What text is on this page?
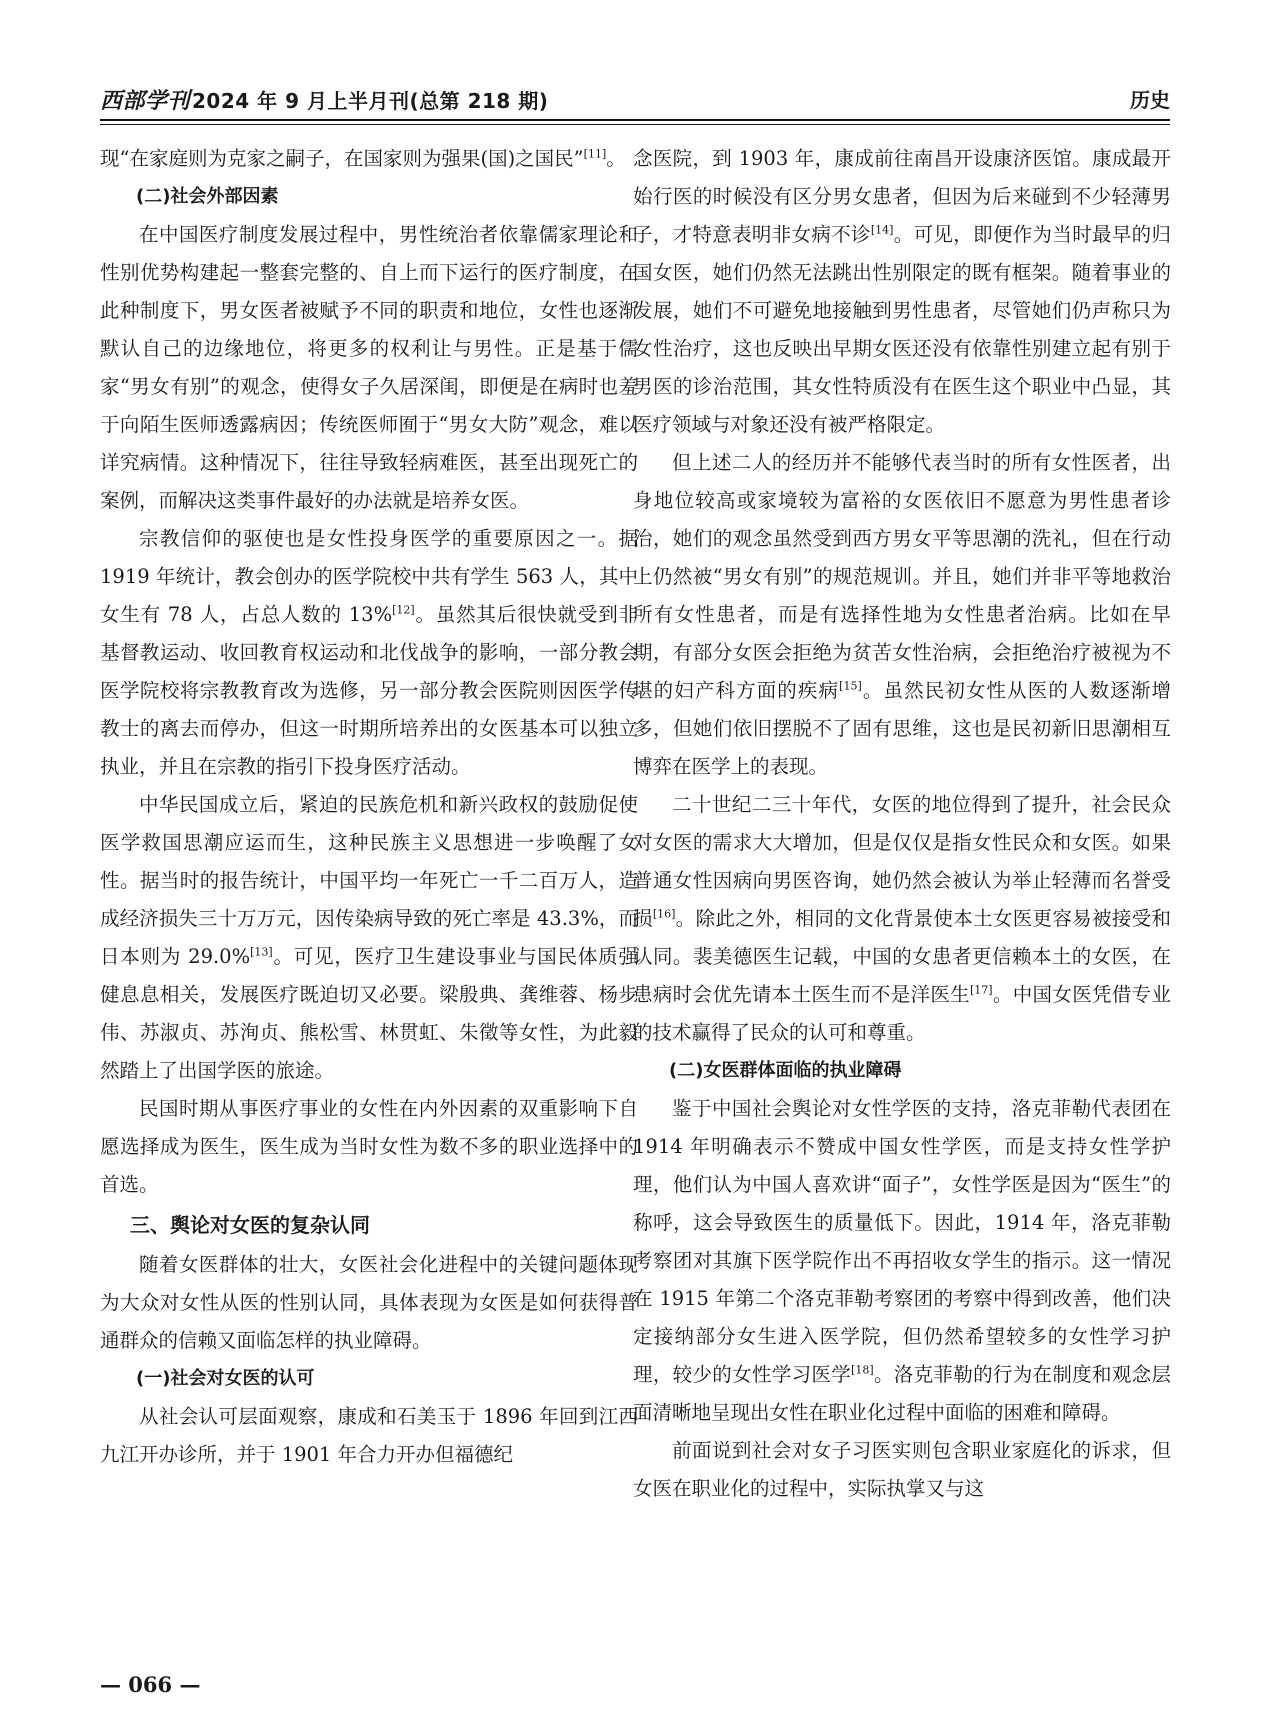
西部学刊 2024 年 9 月上半月刊(总第 218 期)	历史

现“在家庭则为克家之嗣子，在国家则为强果(国)之国民”[11]。

(二)社会外部因素

在中国医疗制度发展过程中，男性统治者依靠儒家理论和性别优势构建起一整套完整的、自上而下运行的医疗制度，在此种制度下，男女医者被赋予不同的职责和地位，女性也逐渐默认自己的边缘地位，将更多的权利让与男性。正是基于儒家“男女有别”的观念，使得女子久居深闺，即便是在病时也羞于向陌生医师透露病因；传统医师囿于“男女大防”观念，难以详究病情。这种情况下，往往导致轻病难医，甚至出现死亡的案例，而解决这类事件最好的办法就是培养女医。

宗教信仰的驱使也是女性投身医学的重要原因之一。据 1919 年统计，教会创办的医学院校中共有学生 563 人，其中女生有 78 人，占总人数的 13%[12]。虽然其后很快就受到非基督教运动、收回教育权运动和北伐战争的影响，一部分教会医学院校将宗教教育改为选修，另一部分教会医院则因医学传教士的离去而停办，但这一时期所培养出的女医基本可以独立执业，并且在宗教的指引下投身医疗活动。

中华民国成立后，紧迫的民族危机和新兴政权的鼓励促使医学救国思潮应运而生，这种民族主义思想进一步唤醒了女性。据当时的报告统计，中国平均一年死亡一千二百万人，造成经济损失三十万万元，因传染病导致的死亡率是 43.3%，而日本则为 29.0%[13]。可见，医疗卫生建设事业与国民体质强健息息相关，发展医疗既迫切又必要。梁殷典、龚维蓉、杨步伟、苏淑贞、苏洵贞、熊松雪、林贯虹、朱徵等女性，为此毅然踏上了出国学医的旅途。

民国时期从事医疗事业的女性在内外因素的双重影响下自愿选择成为医生，医生成为当时女性为数不多的职业选择中的首选。

三、舆论对女医的复杂认同

随着女医群体的壮大，女医社会化进程中的关键问题体现为大众对女性从医的性别认同，具体表现为女医是如何获得普通群众的信赖又面临怎样的执业障碍。

(一)社会对女医的认可

从社会认可层面观察，康成和石美玉于 1896 年回到江西九江开办诊所，并于 1901 年合力开办但福德纪

念医院，到 1903 年，康成前往南昌开设康济医馆。康成最开始行医的时候没有区分男女患者，但因为后来碰到不少轻薄男子，才特意表明非女病不诊[14]。可见，即便作为当时最早的归国女医，她们仍然无法跳出性别限定的既有框架。随着事业的发展，她们不可避免地接触到男性患者，尽管她们仍声称只为女性治疗，这也反映出早期女医还没有依靠性别建立起有别于男医的诊治范围，其女性特质没有在医生这个职业中凸显，其医疗领域与对象还没有被严格限定。

但上述二人的经历并不能够代表当时的所有女性医者，出身地位较高或家境较为富裕的女医依旧不愿意为男性患者诊治，她们的观念虽然受到西方男女平等思潮的洗礼，但在行动上仍然被“男女有别”的规范规训。并且，她们并非平等地救治所有女性患者，而是有选择性地为女性患者治病。比如在早期，有部分女医会拒绝为贫苦女性治病，会拒绝治疗被视为不堪的妇产科方面的疾病[15]。虽然民初女性从医的人数逐渐增多，但她们依旧摆脱不了固有思维，这也是民初新旧思潮相互博弈在医学上的表现。

二十世纪二三十年代，女医的地位得到了提升，社会民众对女医的需求大大增加，但是仅仅是指女性民众和女医。如果普通女性因病向男医咨询，她仍然会被认为举止轻薄而名誉受损[16]。除此之外，相同的文化背景使本土女医更容易被接受和认同。裴美德医生记载，中国的女患者更信赖本土的女医，在患病时会优先请本土医生而不是洋医生[17]。中国女医凭借专业的技术赢得了民众的认可和尊重。

(二)女医群体面临的执业障碍

鉴于中国社会舆论对女性学医的支持，洛克菲勒代表团在 1914 年明确表示不赞成中国女性学医，而是支持女性学护理，他们认为中国人喜欢讲“面子”，女性学医是因为“医生”的称呼，这会导致医生的质量低下。因此，1914 年，洛克菲勒考察团对其旗下医学院作出不再招收女学生的指示。这一情况在 1915 年第二个洛克菲勒考察团的考察中得到改善，他们决定接纳部分女生进入医学院，但仍然希望较多的女性学习护理，较少的女性学习医学[18]。洛克菲勒的行为在制度和观念层面清晰地呈现出女性在职业化过程中面临的困难和障碍。

前面说到社会对女子习医实则包含职业家庭化的诉求，但女医在职业化的过程中，实际执掌又与这

— 066 —
